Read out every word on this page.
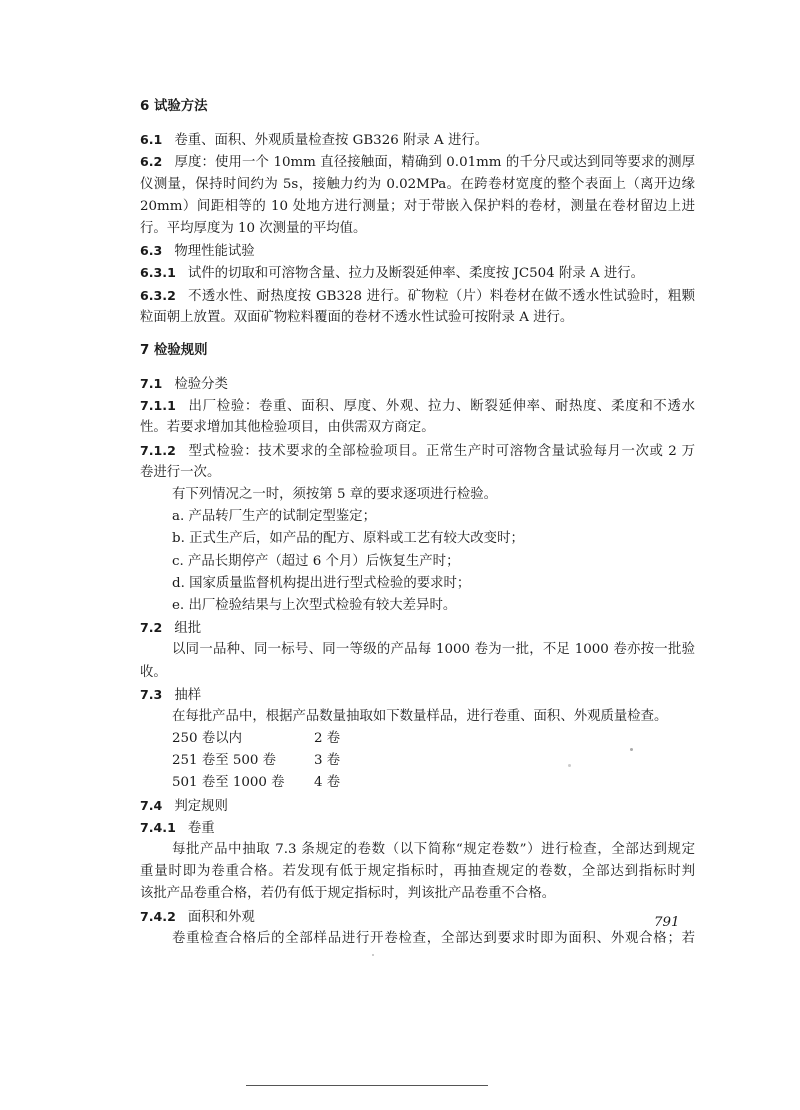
6 试验方法
6.1 卷重、面积、外观质量检查按 GB326 附录 A 进行。
6.2 厚度：使用一个 10mm 直径接触面，精确到 0.01mm 的千分尺或达到同等要求的测厚
仪测量，保持时间约为 5s，接触力约为 0.02MPa。在跨卷材宽度的整个表面上（离开边缘
20mm）间距相等的 10 处地方进行测量；对于带嵌入保护料的卷材，测量在卷材留边上进
行。平均厚度为 10 次测量的平均值。
6.3 物理性能试验
6.3.1 试件的切取和可溶物含量、拉力及断裂延伸率、柔度按 JC504 附录 A 进行。
6.3.2 不透水性、耐热度按 GB328 进行。矿物粒（片）料卷材在做不透水性试验时，粗颗
粒面朝上放置。双面矿物粒料覆面的卷材不透水性试验可按附录 A 进行。
7 检验规则
7.1 检验分类
7.1.1 出厂检验：卷重、面积、厚度、外观、拉力、断裂延伸率、耐热度、柔度和不透水
性。若要求增加其他检验项目，由供需双方商定。
7.1.2 型式检验：技术要求的全部检验项目。正常生产时可溶物含量试验每月一次或 2 万
卷进行一次。
有下列情况之一时，须按第 5 章的要求逐项进行检验。
a. 产品转厂生产的试制定型鉴定；
b. 正式生产后，如产品的配方、原料或工艺有较大改变时；
c. 产品长期停产（超过 6 个月）后恢复生产时；
d. 国家质量监督机构提出进行型式检验的要求时；
e. 出厂检验结果与上次型式检验有较大差异时。
7.2 组批
以同一品种、同一标号、同一等级的产品每 1000 卷为一批，不足 1000 卷亦按一批验
收。
7.3 抽样
在每批产品中，根据产品数量抽取如下数量样品，进行卷重、面积、外观质量检查。
250 卷以内	2 卷
251 卷至 500 卷	3 卷
501 卷至 1000 卷	4 卷
7.4 判定规则
7.4.1 卷重
每批产品中抽取 7.3 条规定的卷数（以下简称“规定卷数”）进行检查，全部达到规定
重量时即为卷重合格。若发现有低于规定指标时，再抽查规定的卷数，全部达到指标时判
该批产品卷重合格，若仍有低于规定指标时，判该批产品卷重不合格。
7.4.2 面积和外观
卷重检查合格后的全部样品进行开卷检查，全部达到要求时即为面积、外观合格；若
791
